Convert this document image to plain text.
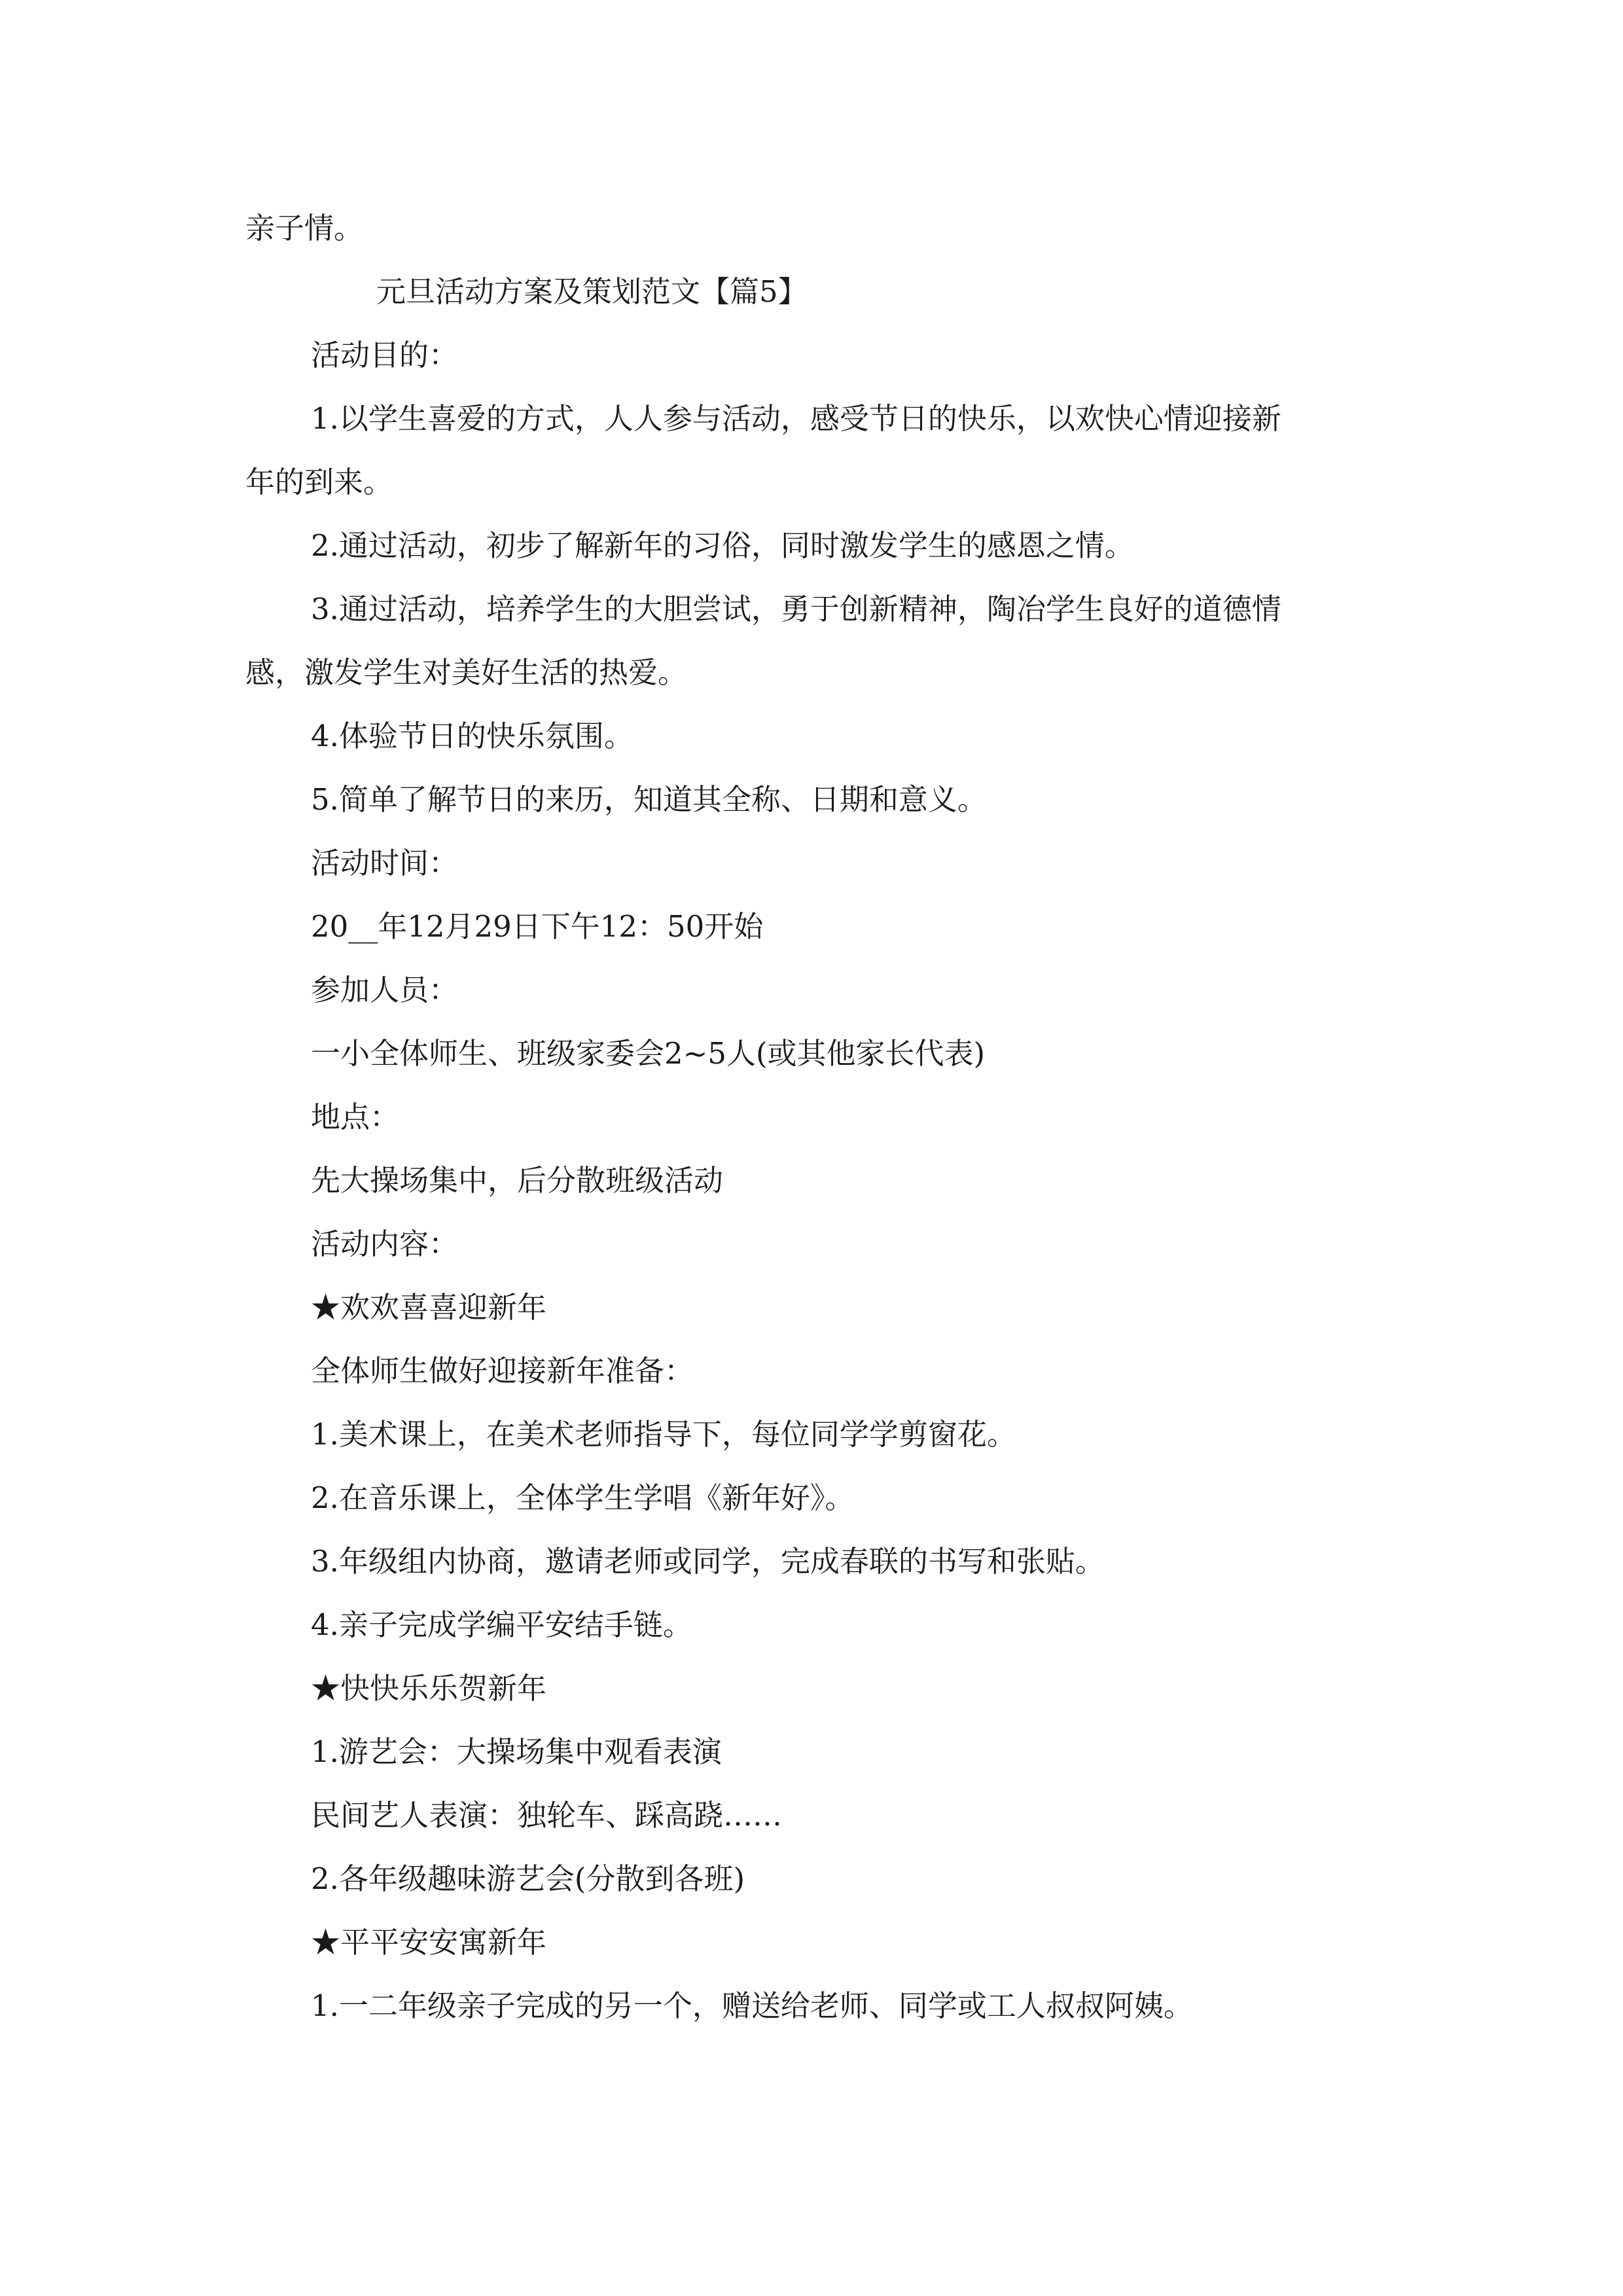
亲子情。

元旦活动方案及策划范文【篇5】

活动目的：

1.以学生喜爱的方式，人人参与活动，感受节日的快乐，以欢快心情迎接新

年的到来。

2.通过活动，初步了解新年的习俗，同时激发学生的感恩之情。

3.通过活动，培养学生的大胆尝试，勇于创新精神，陶冶学生良好的道德情

感，激发学生对美好生活的热爱。

4.体验节日的快乐氛围。

5.简单了解节日的来历，知道其全称、日期和意义。

活动时间：

20__年12月29日下午12：50开始

参加人员：

一小全体师生、班级家委会2~5人(或其他家长代表)

地点：

先大操场集中，后分散班级活动

活动内容：

★欢欢喜喜迎新年

全体师生做好迎接新年准备：

1.美术课上，在美术老师指导下，每位同学学剪窗花。

2.在音乐课上，全体学生学唱《新年好》。

3.年级组内协商，邀请老师或同学，完成春联的书写和张贴。

4.亲子完成学编平安结手链。

★快快乐乐贺新年

1.游艺会：大操场集中观看表演

民间艺人表演：独轮车、踩高跷……

2.各年级趣味游艺会(分散到各班)

★平平安安寓新年

1.一二年级亲子完成的另一个，赠送给老师、同学或工人叔叔阿姨。
